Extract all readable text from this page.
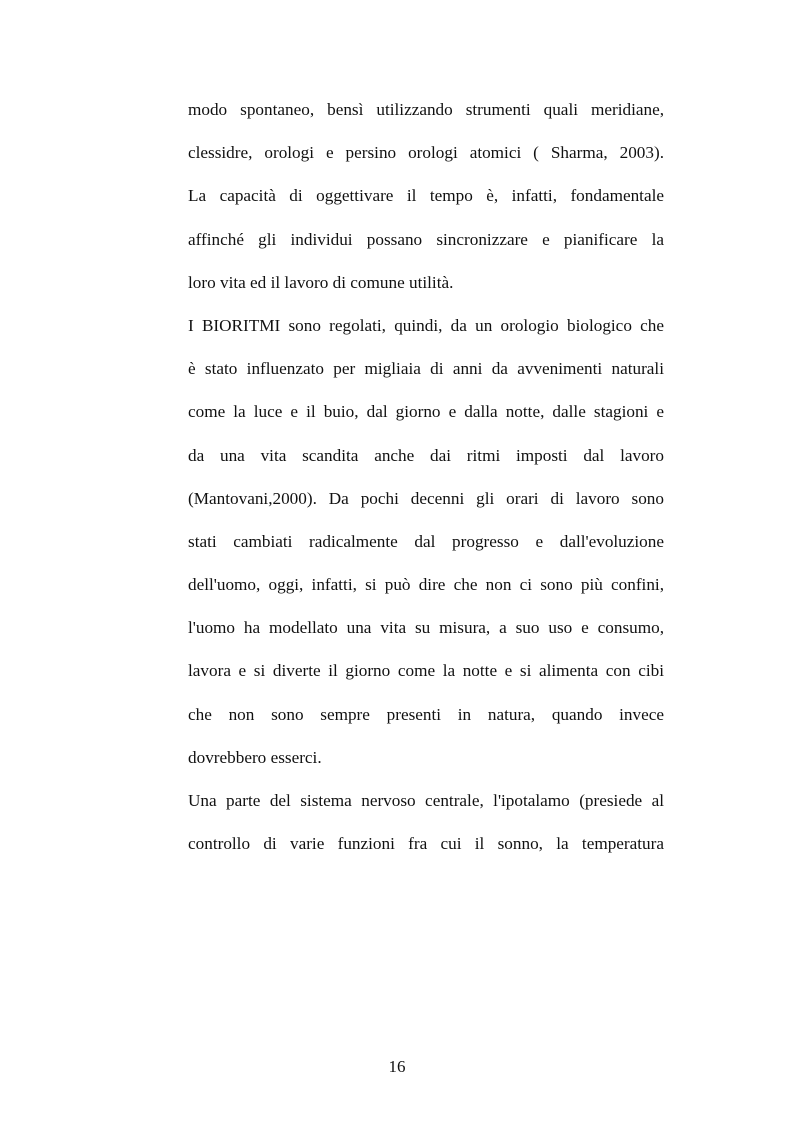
modo spontaneo, bensì utilizzando strumenti quali meridiane,
clessidre, orologi e persino orologi atomici ( Sharma, 2003).
La capacità di oggettivare il tempo è, infatti, fondamentale
affinché gli individui possano sincronizzare e pianificare la
loro vita ed il lavoro di comune utilità.
I BIORITMI sono regolati, quindi, da un orologio biologico che
è stato influenzato per migliaia di anni da avvenimenti naturali
come la luce e il buio, dal giorno e dalla notte, dalle stagioni e
da una vita scandita anche dai ritmi imposti dal lavoro
(Mantovani,2000). Da pochi decenni gli orari di lavoro sono
stati cambiati radicalmente dal progresso e dall'evoluzione
dell'uomo, oggi, infatti, si può dire che non ci sono più confini,
l'uomo ha modellato una vita su misura, a suo uso e consumo,
lavora e si diverte il giorno come la notte e si alimenta con cibi
che non sono sempre presenti in natura, quando invece
dovrebbero esserci.
Una parte del sistema nervoso centrale, l'ipotalamo (presiede al
controllo di varie funzioni fra cui il sonno, la temperatura
16
